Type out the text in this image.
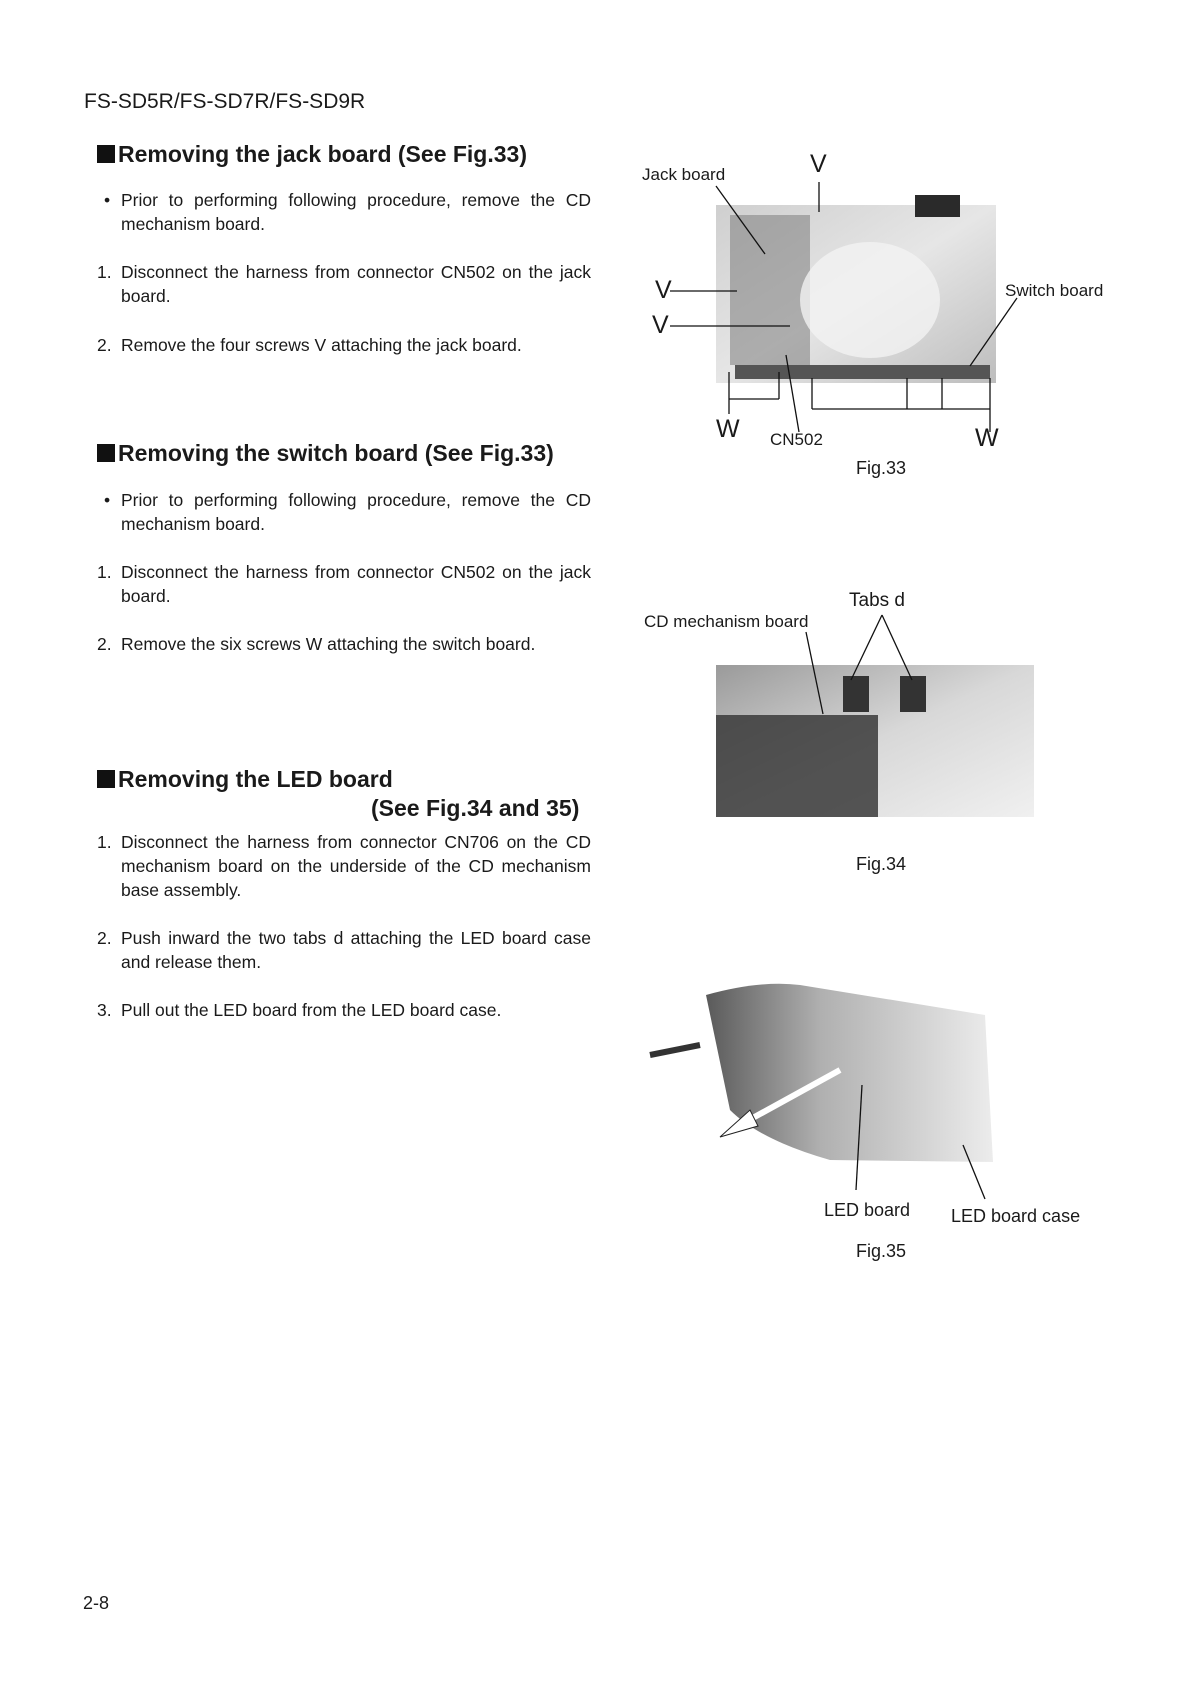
FS-SD5R/FS-SD7R/FS-SD9R
Removing the jack board (See Fig.33)
• Prior to performing following procedure, remove the CD mechanism board.
1. Disconnect the harness from connector CN502 on the jack board.
2. Remove the four screws V attaching the jack board.
Removing the switch board (See Fig.33)
• Prior to performing following procedure, remove the CD mechanism board.
1. Disconnect the harness from connector CN502 on the jack board.
2. Remove the six screws W attaching the switch board.
Removing the LED board
(See Fig.34 and 35)
1. Disconnect the harness from connector CN706 on the CD mechanism board on the underside of the CD mechanism base assembly.
2. Push inward the two tabs d attaching the LED board case and release them.
3. Pull out the LED board from the LED board case.
Jack board	V
V
V
Switch board
W CN502	W
Fig.33
Tabs d
CD mechanism board
Fig.34
LED board LED board case
Fig.35
2-8
